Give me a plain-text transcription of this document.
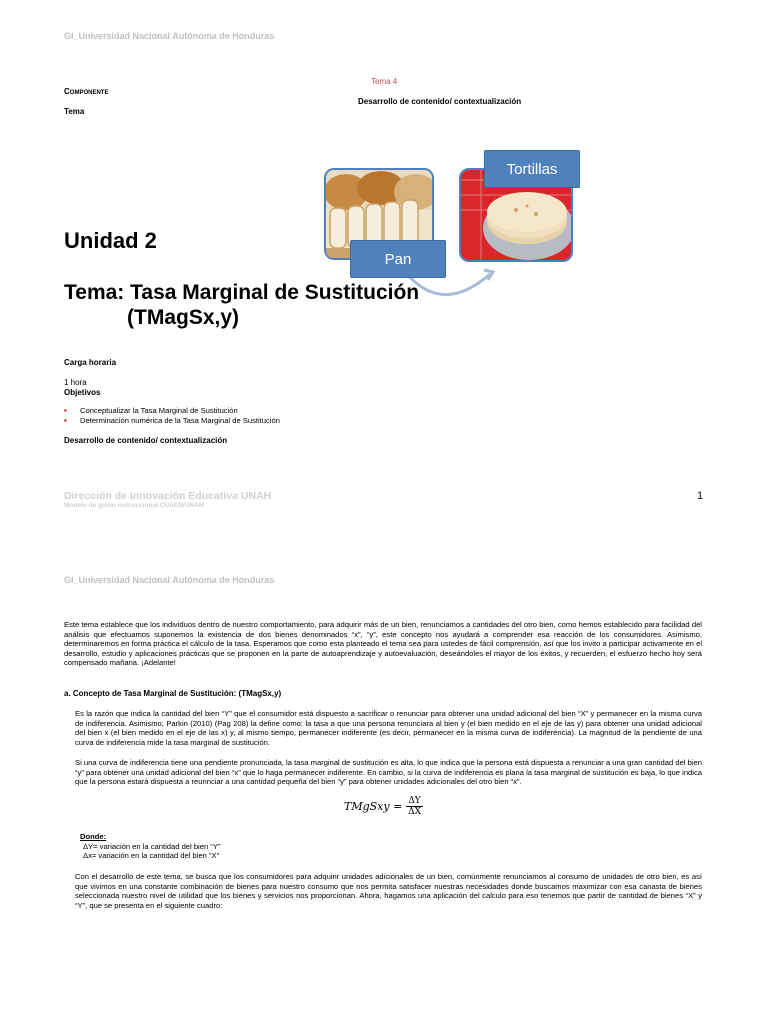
GI_Universidad Nacional Autónoma de Honduras
Tema 4
Componente
Desarrollo de contenido/ contextualización
Tema
Unidad 2
Tema: Tasa Marginal de Sustitución
(TMagSx,y)
Tortillas
Pan
Carga horaria
1 hora
Objetivos
▪ Conceptualizar la Tasa Marginal de Sustitución
▪ Determinación numérica de la Tasa Marginal de Sustitución
Desarrollo de contenido/ contextualización
Dirección de Innovación Educativa UNAH
Modelo de guión instruccional CUAED/UNAM
1
GI_Universidad Nacional Autónoma de Honduras
Este tema establece que los individuos dentro de nuestro comportamiento, para adquirir más de un bien, renunciamos a cantidades del otro bien, como hemos establecido para facilidad del análisis que efectuamos suponemos la existencia de dos bienes denominados “x”, “y”, este concepto nos ayudará a comprender esa reacción de los consumidores. Asimismo, determinaremos en forma práctica el cálculo de la tasa. Esperamos que como esta planteado el tema sea para ustedes de fácil comprensión, así que los invito a participar activamente en el desarrollo, estudio y aplicaciones prácticas que se proponen en la parte de autoaprendizaje y autoevaluación, deseándoles el mayor de los éxitos, y recuerden, el esfuerzo hecho hoy será compensado mañana. ¡Adelante!
a. Concepto de Tasa Marginal de Sustitución: (TMagSx,y)
Es la razón que indica la cantidad del bien “Y” que el consumidor está dispuesto a sacrificar o renunciar para obtener una unidad adicional del bien “X” y permanecer en la misma curva de indiferencia. Asimismo, Parkin (2010) (Pag 208) la define como: la tasa a que una persona renunciara al bien y (el bien medido en el eje de las y) para obtener una unidad adicional del bien x (el bien medido en el eje de las x) y, al mismo tiempo, permanecer indiferente (es decir, permanecer en la misma curva de indiferencia). La magnitud de la pendiente de una curva de indiferencia mide la tasa marginal de sustitución.
Si una curva de indiferencia tiene una pendiente pronunciada, la tasa marginal de sustitución es alta, lo que indica que la persona está dispuesta a renunciar a una gran cantidad del bien “y” para obtener una unidad adicional del bien “x” que lo haga permanecer indiferente. En cambio, si la curva de indiferencia es plana la tasa marginal de sustitución es baja, lo que indica que la persona estará dispuesta a reunnciar a una cantidad pequeña del bien “y” para obtener unidades adicionales del otro bien “x”.
TMgSxy = $\frac{\Delta Y}{\Delta X}$
Donde:
ΔY= variación en la cantidad del bien “Y”
Δx= variación en la cantidad del bien “X”
Con el desarrollo de este tema, se busca que los consumidores para adquirir unidades adicionales de un bien, comúnmente renunciamos al consumo de unidades de otro bien, es así que vivimos en una constante combinación de bienes para nuestro consumo que nos permita satisfacer nuestras necesidades donde buscamos maximizar con esa canasta de bienes seleccionada nuestro nivel de utilidad que los bienes y servicios nos proporcionan. Ahora, hagamos una aplicación del calculo para eso tenemos que partir de cantidad de bienes “X” y “Y”, que se presenta en el siguiente cuadro:
